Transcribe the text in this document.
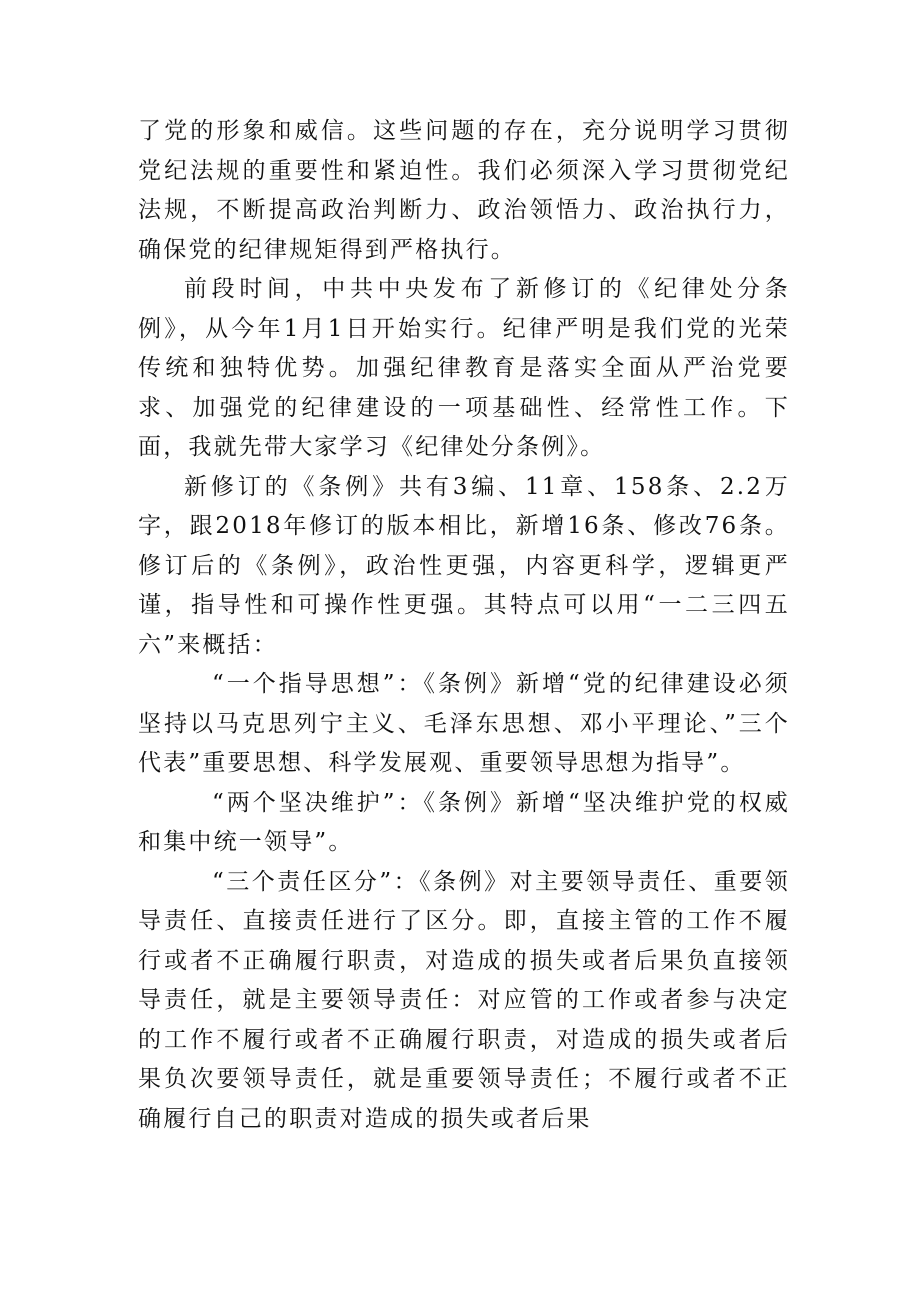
了党的形象和威信。这些问题的存在，充分说明学习贯彻党纪法规的重要性和紧迫性。我们必须深入学习贯彻党纪法规，不断提高政治判断力、政治领悟力、政治执行力，确保党的纪律规矩得到严格执行。

前段时间，中共中央发布了新修订的《纪律处分条例》，从今年1月1日开始实行。纪律严明是我们党的光荣传统和独特优势。加强纪律教育是落实全面从严治党要求、加强党的纪律建设的一项基础性、经常性工作。下面，我就先带大家学习《纪律处分条例》。

新修订的《条例》共有3编、11章、158条、2.2万字，跟2018年修订的版本相比，新增16条、修改76条。修订后的《条例》，政治性更强，内容更科学，逻辑更严谨，指导性和可操作性更强。其特点可以用“一二三四五六”来概括：

“一个指导思想”：《条例》新增“党的纪律建设必须坚持以马克思列宁主义、毛泽东思想、邓小平理论、”三个代表”重要思想、科学发展观、重要领导思想为指导”。

“两个坚决维护”：《条例》新增“坚决维护党的权威和集中统一领导”。

“三个责任区分”：《条例》对主要领导责任、重要领导责任、直接责任进行了区分。即，直接主管的工作不履行或者不正确履行职责，对造成的损失或者后果负直接领导责任，就是主要领导责任：对应管的工作或者参与决定的工作不履行或者不正确履行职责，对造成的损失或者后果负次要领导责任，就是重要领导责任；不履行或者不正确履行自己的职责对造成的损失或者后果
